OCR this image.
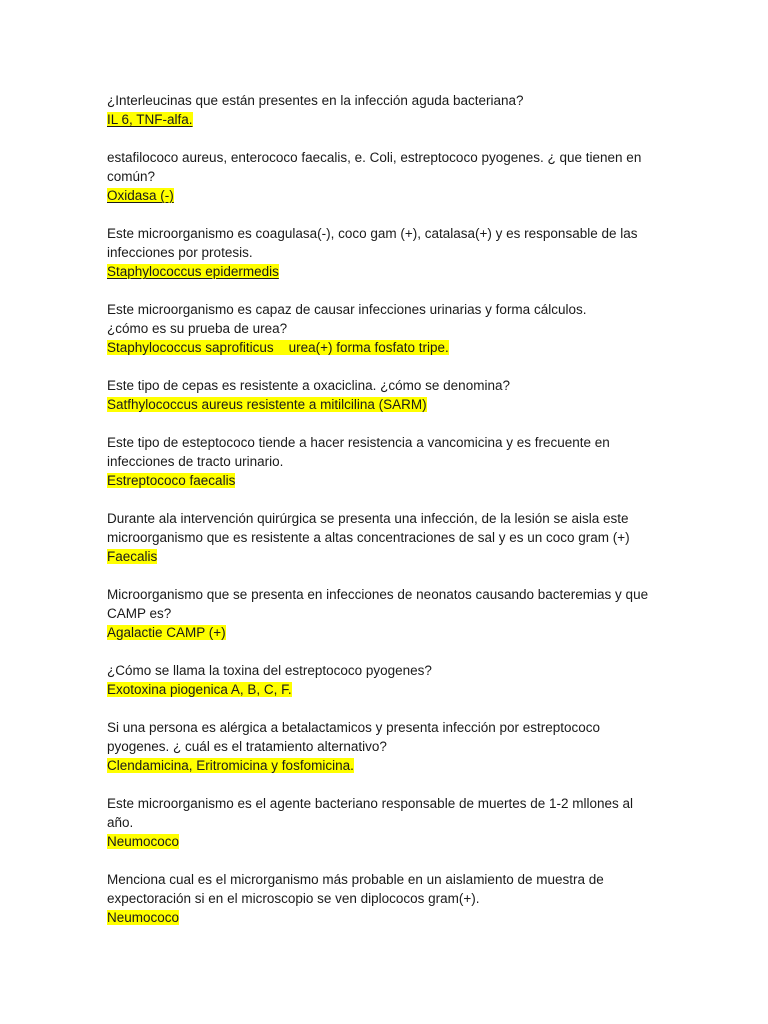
¿Interleucinas que están presentes en la infección aguda bacteriana?
IL 6, TNF-alfa.
estafilococo aureus, enterococo faecalis, e. Coli, estreptococo pyogenes. ¿ que tienen en
común?
Oxidasa (-)
Este microorganismo es coagulasa(-), coco gam (+), catalasa(+) y es responsable de las
infecciones por protesis.
Staphylococcus epidermedis
Este microorganismo es capaz de causar infecciones urinarias y forma cálculos.
¿cómo es su prueba de urea?
Staphylococcus saprofiticus    urea(+) forma fosfato tripe.
Este tipo de cepas es resistente a oxaciclina. ¿cómo se denomina?
Satfhylococcus aureus resistente a mitilcilina (SARM)
Este tipo de esteptococo tiende a hacer resistencia a vancomicina y es frecuente en
infecciones de tracto urinario.
Estreptococo faecalis
Durante ala intervención quirúrgica se presenta una infección, de la lesión se aisla este
microorganismo que es resistente a altas concentraciones de sal y es un coco gram (+)
Faecalis
Microorganismo que se presenta en infecciones de neonatos causando bacteremias y que
CAMP es?
Agalactie CAMP (+)
¿Cómo se llama la toxina del estreptococo pyogenes?
Exotoxina piogenica A, B, C, F.
Si una persona es alérgica a betalactamicos y presenta infección por estreptococo
pyogenes. ¿ cuál es el tratamiento alternativo?
Clendamicina, Eritromicina y fosfomicina.
Este microorganismo es el agente bacteriano responsable de muertes de 1-2 mllones al
año.
Neumococo
Menciona cual es el microrganismo más probable en un aislamiento de muestra de
expectoración si en el microscopio se ven diplococos gram(+).
Neumococo
